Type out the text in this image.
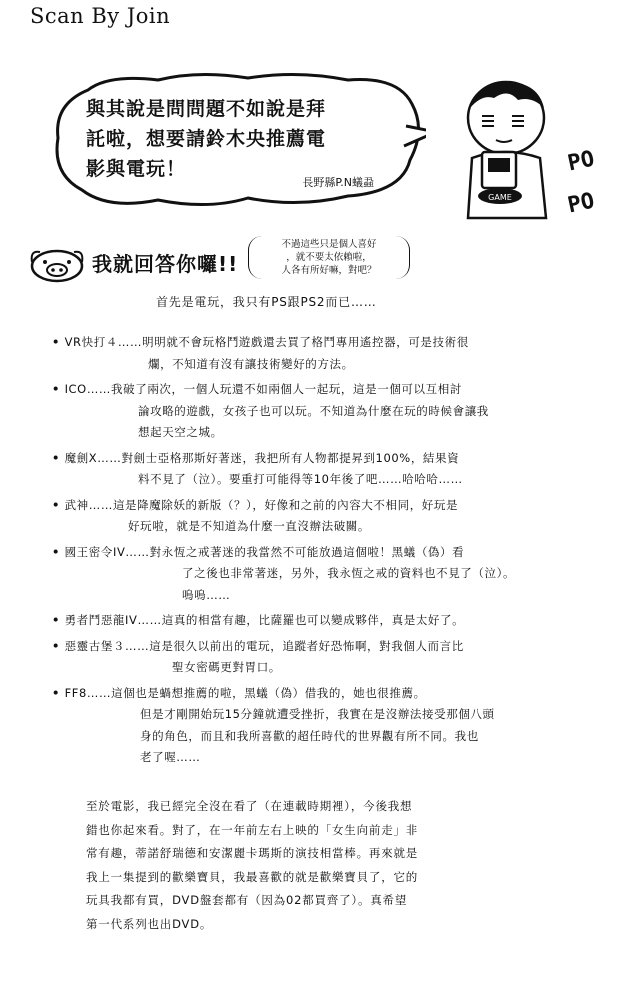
Scan By Join
與其說是問問題不如說是拜
託啦，想要請鈴木央推薦電
影與電玩！
長野縣P.N蟻蝨
GAME
PO
PO
我就回答你囉!!
不過這些只是個人喜好
，就不要太依賴啦，
人各有所好嘛，對吧？
首先是電玩，我只有PS跟PS2而已……
• VR快打４……明明就不會玩格鬥遊戲還去買了格鬥專用遙控器，可是技術很
爛，不知道有沒有讓技術變好的方法。
• ICO……我破了兩次，一個人玩還不如兩個人一起玩，這是一個可以互相討
論攻略的遊戲，女孩子也可以玩。不知道為什麼在玩的時候會讓我
想起天空之城。
• 魔劍X……對劍士亞格那斯好著迷，我把所有人物都提昇到100%，結果資
料不見了（泣）。要重打可能得等10年後了吧……哈哈哈……
• 武神……這是降魔除妖的新版（？），好像和之前的內容大不相同，好玩是
好玩啦，就是不知道為什麼一直沒辦法破關。
• 國王密令IV……對永恆之戒著迷的我當然不可能放過這個啦！黑蟻（偽）看
了之後也非常著迷，另外，我永恆之戒的資料也不見了（泣）。
嗚嗚……
• 勇者鬥惡龍IV……這真的相當有趣，比薩羅也可以變成夥伴，真是太好了。
• 惡靈古堡３……這是很久以前出的電玩，追蹤者好恐怖啊，對我個人而言比
聖女密碼更對胃口。
• FF8……這個也是蝸想推薦的啦，黑蟻（偽）借我的，她也很推薦。
但是才剛開始玩15分鐘就遭受挫折，我實在是沒辦法接受那個八頭
身的角色，而且和我所喜歡的超任時代的世界觀有所不同。我也
老了喔……
至於電影，我已經完全沒在看了（在連載時期裡），今後我想
錯也你起來看。對了，在一年前左右上映的「女生向前走」非
常有趣，蒂諾舒瑞德和安潔麗卡瑪斯的演技相當棒。再來就是
我上一集提到的歡樂寶貝，我最喜歡的就是歡樂寶貝了，它的
玩具我都有買，DVD盤套都有（因為02都買齊了）。真希望
第一代系列也出DVD。
